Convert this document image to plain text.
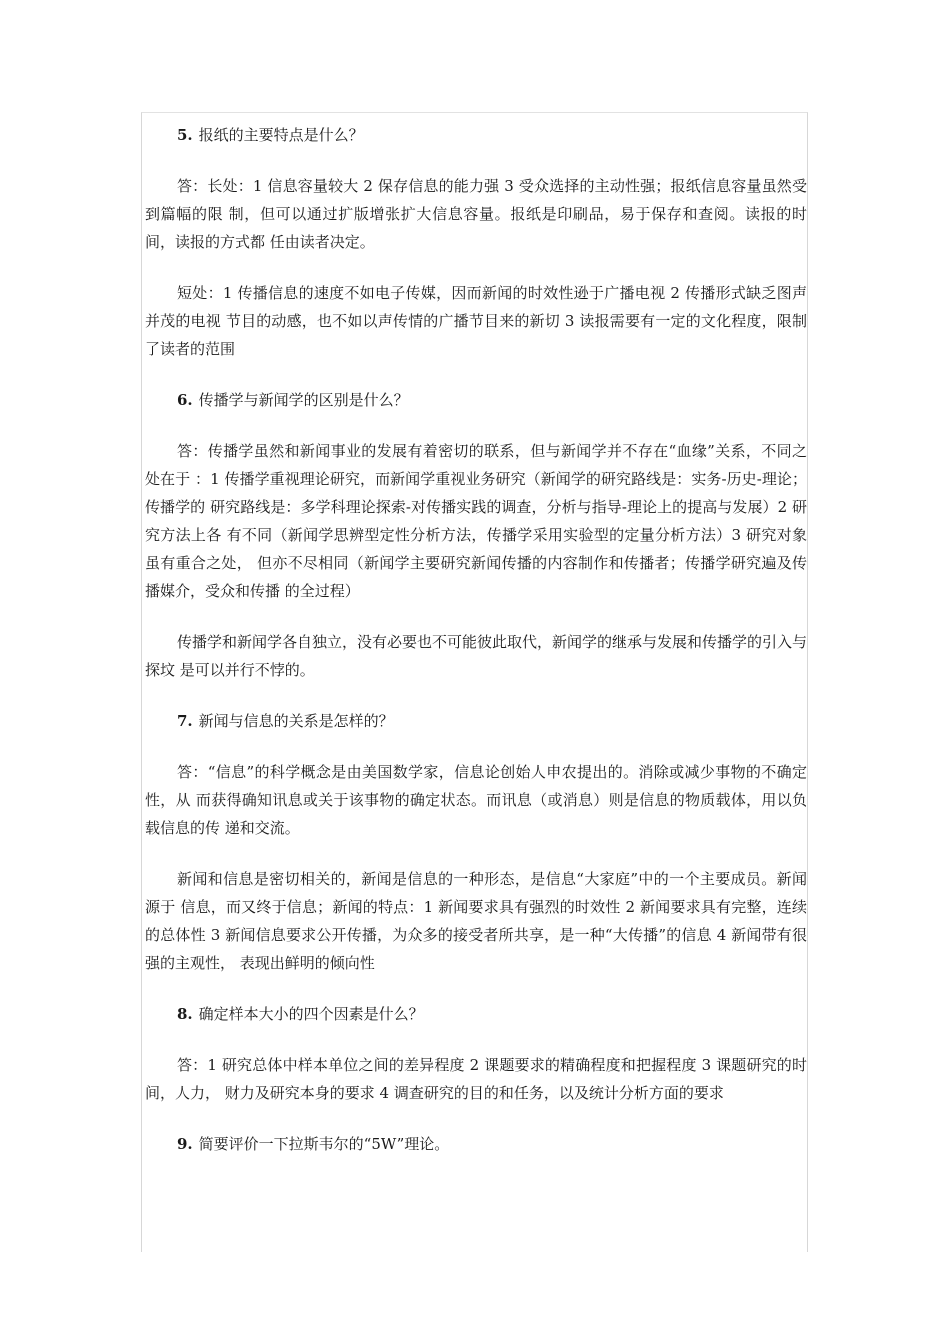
5. 报纸的主要特点是什么？

答：长处：1 信息容量较大 2 保存信息的能力强 3 受众选择的主动性强；报纸信息容量虽然受到篇幅的限 制，但可以通过扩版增张扩大信息容量。报纸是印刷品，易于保存和查阅。读报的时间，读报的方式都 任由读者决定。

短处：1 传播信息的速度不如电子传媒，因而新闻的时效性逊于广播电视 2 传播形式缺乏图声并茂的电视 节目的动感，也不如以声传情的广播节目来的新切 3 读报需要有一定的文化程度，限制了读者的范围

6. 传播学与新闻学的区别是什么？

答：传播学虽然和新闻事业的发展有着密切的联系，但与新闻学并不存在“血缘”关系，不同之处在于 ：1 传播学重视理论研究，而新闻学重视业务研究（新闻学的研究路线是：实务-历史-理论；传播学的 研究路线是：多学科理论探索-对传播实践的调查，分析与指导-理论上的提高与发展）2 研究方法上各 有不同（新闻学思辨型定性分析方法，传播学采用实验型的定量分析方法）3 研究对象虽有重合之处， 但亦不尽相同（新闻学主要研究新闻传播的内容制作和传播者；传播学研究遍及传播媒介，受众和传播 的全过程）

传播学和新闻学各自独立，没有必要也不可能彼此取代，新闻学的继承与发展和传播学的引入与探坟 是可以并行不悖的。

7. 新闻与信息的关系是怎样的？

答：“信息”的科学概念是由美国数学家，信息论创始人申农提出的。消除或减少事物的不确定性，从 而获得确知讯息或关于该事物的确定状态。而讯息（或消息）则是信息的物质载体，用以负载信息的传 递和交流。

新闻和信息是密切相关的，新闻是信息的一种形态，是信息“大家庭”中的一个主要成员。新闻源于 信息，而又终于信息；新闻的特点：1 新闻要求具有强烈的时效性 2 新闻要求具有完整，连续的总体性 3 新闻信息要求公开传播，为众多的接受者所共享，是一种“大传播”的信息 4 新闻带有很强的主观性， 表现出鲜明的倾向性

8. 确定样本大小的四个因素是什么？

答：1 研究总体中样本单位之间的差异程度 2 课题要求的精确程度和把握程度 3 课题研究的时间，人力， 财力及研究本身的要求 4 调查研究的目的和任务，以及统计分析方面的要求

9. 简要评价一下拉斯韦尔的“5W”理论。
